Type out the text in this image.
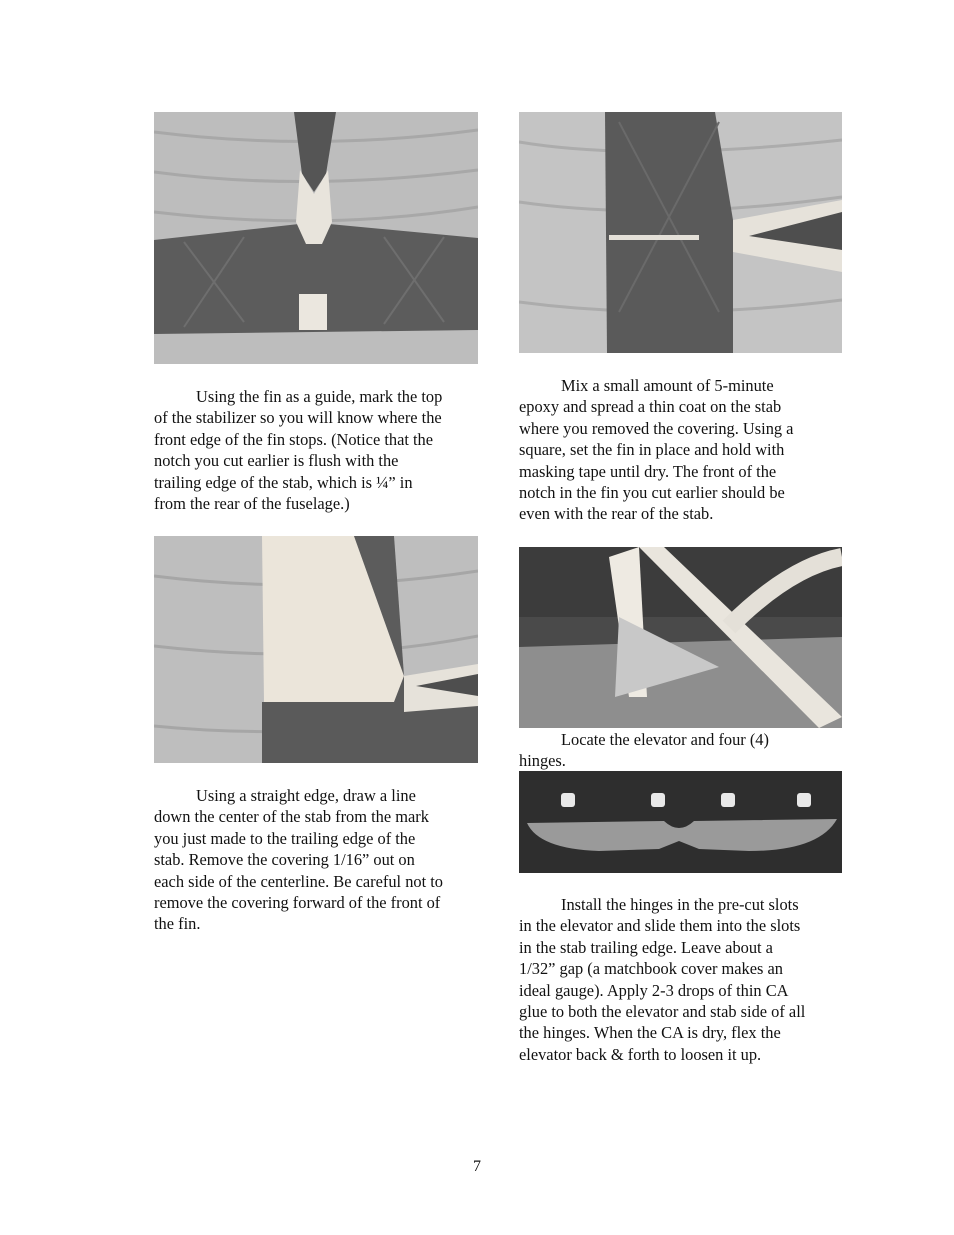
Using the fin as a guide, mark the top of the stabilizer so you will know where the front edge of the fin stops. (Notice that the notch you cut earlier is flush with the trailing edge of the stab, which is ¼” in from the rear of the fuselage.)

Mix a small amount of 5-minute epoxy and spread a thin coat on the stab where you removed the covering. Using a square, set the fin in place and hold with masking tape until dry. The front of the notch in the fin you cut earlier should be even with the rear of the stab.

Locate the elevator and four (4) hinges.

Using a straight edge, draw a line down the center of the stab from the mark you just made to the trailing edge of the stab. Remove the covering 1/16” out on each side of the centerline. Be careful not to remove the covering forward of the front of the fin.

Install the hinges in the pre-cut slots in the elevator and slide them into the slots in the stab trailing edge. Leave about a 1/32” gap (a matchbook cover makes an ideal gauge). Apply 2-3 drops of thin CA glue to both the elevator and stab side of all the hinges. When the CA is dry, flex the elevator back & forth to loosen it up.

7
